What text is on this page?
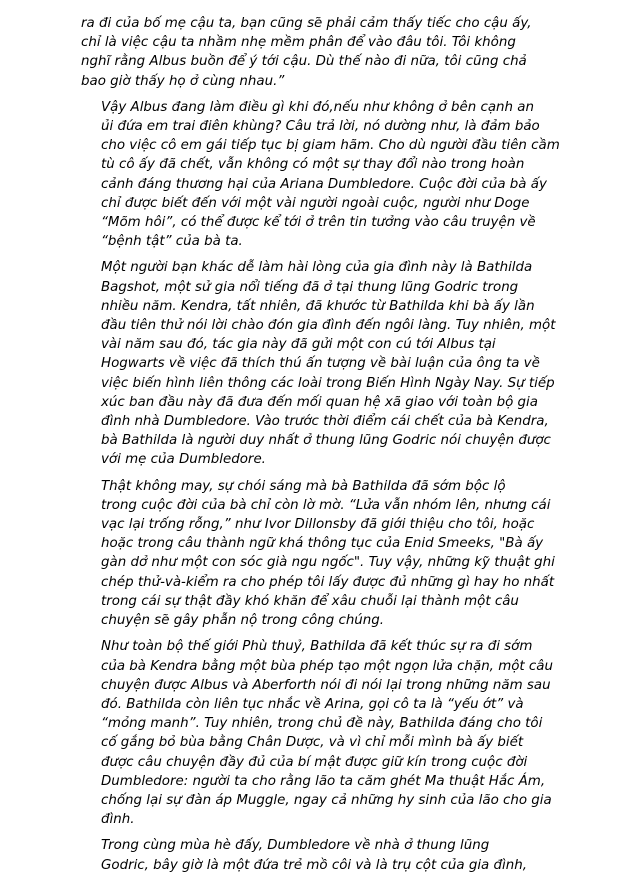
ra đi của bố mẹ cậu ta, bạn cũng sẽ phải cảm thấy tiếc cho cậu ấy,
chỉ là việc cậu ta nhầm nhẹ mềm phân để vào đâu tôi. Tôi không
nghĩ rằng Albus buồn để ý tới cậu. Dù thế nào đi nữa, tôi cũng chả
bao giờ thấy họ ở cùng nhau.”

Vậy Albus đang làm điều gì khi đó,nếu như không ở bên cạnh an
ủi đứa em trai điên khùng? Câu trả lời, nó dường như, là đảm bảo
cho việc cô em gái tiếp tục bị giam hãm. Cho dù người đầu tiên cầm
tù cô ấy đã chết, vẫn không có một sự thay đổi nào trong hoàn
cảnh đáng thương hại của Ariana Dumbledore. Cuộc đời của bà ấy
chỉ được biết đến với một vài người ngoài cuộc, người như Doge
“Mõm hôi”, có thể được kể tới ở trên tin tưởng vào câu truyện về
“bệnh tật” của bà ta.

Một người bạn khác dễ làm hài lòng của gia đình này là Bathilda
Bagshot, một sử gia nổi tiếng đã ở tại thung lũng Godric trong
nhiều năm. Kendra, tất nhiên, đã khước từ Bathilda khi bà ấy lần
đầu tiên thử nói lời chào đón gia đình đến ngôi làng. Tuy nhiên, một
vài năm sau đó, tác gia này đã gửi một con cú tới Albus tại
Hogwarts về việc đã thích thú ấn tượng về bài luận của ông ta về
việc biến hình liên thông các loài trong Biến Hình Ngày Nay. Sự tiếp
xúc ban đầu này đã đưa đến mối quan hệ xã giao với toàn bộ gia
đình nhà Dumbledore. Vào trước thời điểm cái chết của bà Kendra,
bà Bathilda là người duy nhất ở thung lũng Godric nói chuyện được
với mẹ của Dumbledore.

Thật không may, sự chói sáng mà bà Bathilda đã sớm bộc lộ
trong cuộc đời của bà chỉ còn lờ mờ. “Lửa vẫn nhóm lên, nhưng cái
vạc lại trống rỗng,” như Ivor Dillonsby đã giới thiệu cho tôi, hoặc
hoặc trong câu thành ngữ khá thông tục của Enid Smeeks, "Bà ấy
gàn dở như một con sóc già ngu ngốc". Tuy vậy, những kỹ thuật ghi
chép thử-và-kiểm ra cho phép tôi lấy được đủ những gì hay ho nhất
trong cái sự thật đầy khó khăn để xâu chuỗi lại thành một câu
chuyện sẽ gây phẫn nộ trong công chúng.

Như toàn bộ thế giới Phù thuỷ, Bathilda đã kết thúc sự ra đi sớm
của bà Kendra bằng một bùa phép tạo một ngọn lửa chặn, một câu
chuyện được Albus và Aberforth nói đi nói lại trong những năm sau
đó. Bathilda còn liên tục nhắc về Arina, gọi cô ta là “yếu ớt” và
“mỏng manh”. Tuy nhiên, trong chủ đề này, Bathilda đáng cho tôi
cố gắng bỏ bùa bằng Chân Dược, và vì chỉ mỗi mình bà ấy biết
được câu chuyện đầy đủ của bí mật được giữ kín trong cuộc đời
Dumbledore: người ta cho rằng lão ta căm ghét Ma thuật Hắc Ám,
chống lại sự đàn áp Muggle, ngay cả những hy sinh của lão cho gia
đình.

Trong cùng mùa hè đấy, Dumbledore về nhà ở thung lũng
Godric, bây giờ là một đứa trẻ mồ côi và là trụ cột của gia đình,
